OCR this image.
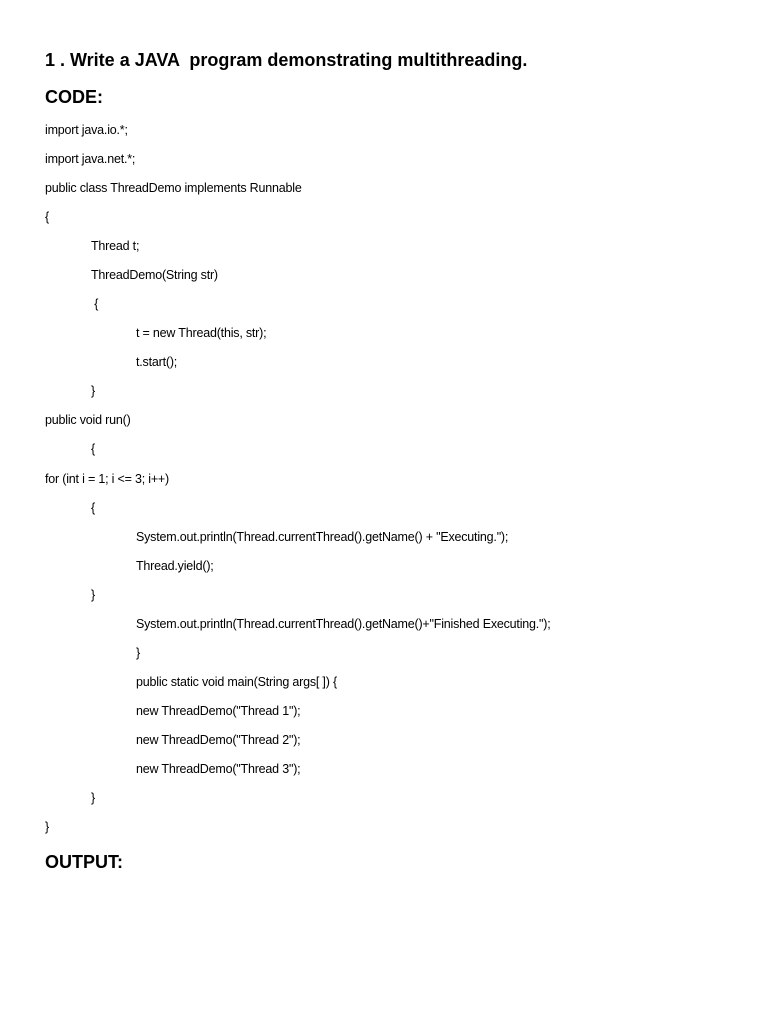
1 . Write a JAVA  program demonstrating multithreading.
CODE:
import java.io.*;
import java.net.*;
public class ThreadDemo implements Runnable
{
Thread t;
ThreadDemo(String str)
{
t = new Thread(this, str);
t.start();
}
public void run()
{
for (int i = 1; i <= 3; i++)
{
System.out.println(Thread.currentThread().getName() + "Executing.");
Thread.yield();
}
System.out.println(Thread.currentThread().getName()+"Finished Executing.");
}
public static void main(String args[ ]) {
new ThreadDemo("Thread 1");
new ThreadDemo("Thread 2");
new ThreadDemo("Thread 3");
}
}
OUTPUT:
